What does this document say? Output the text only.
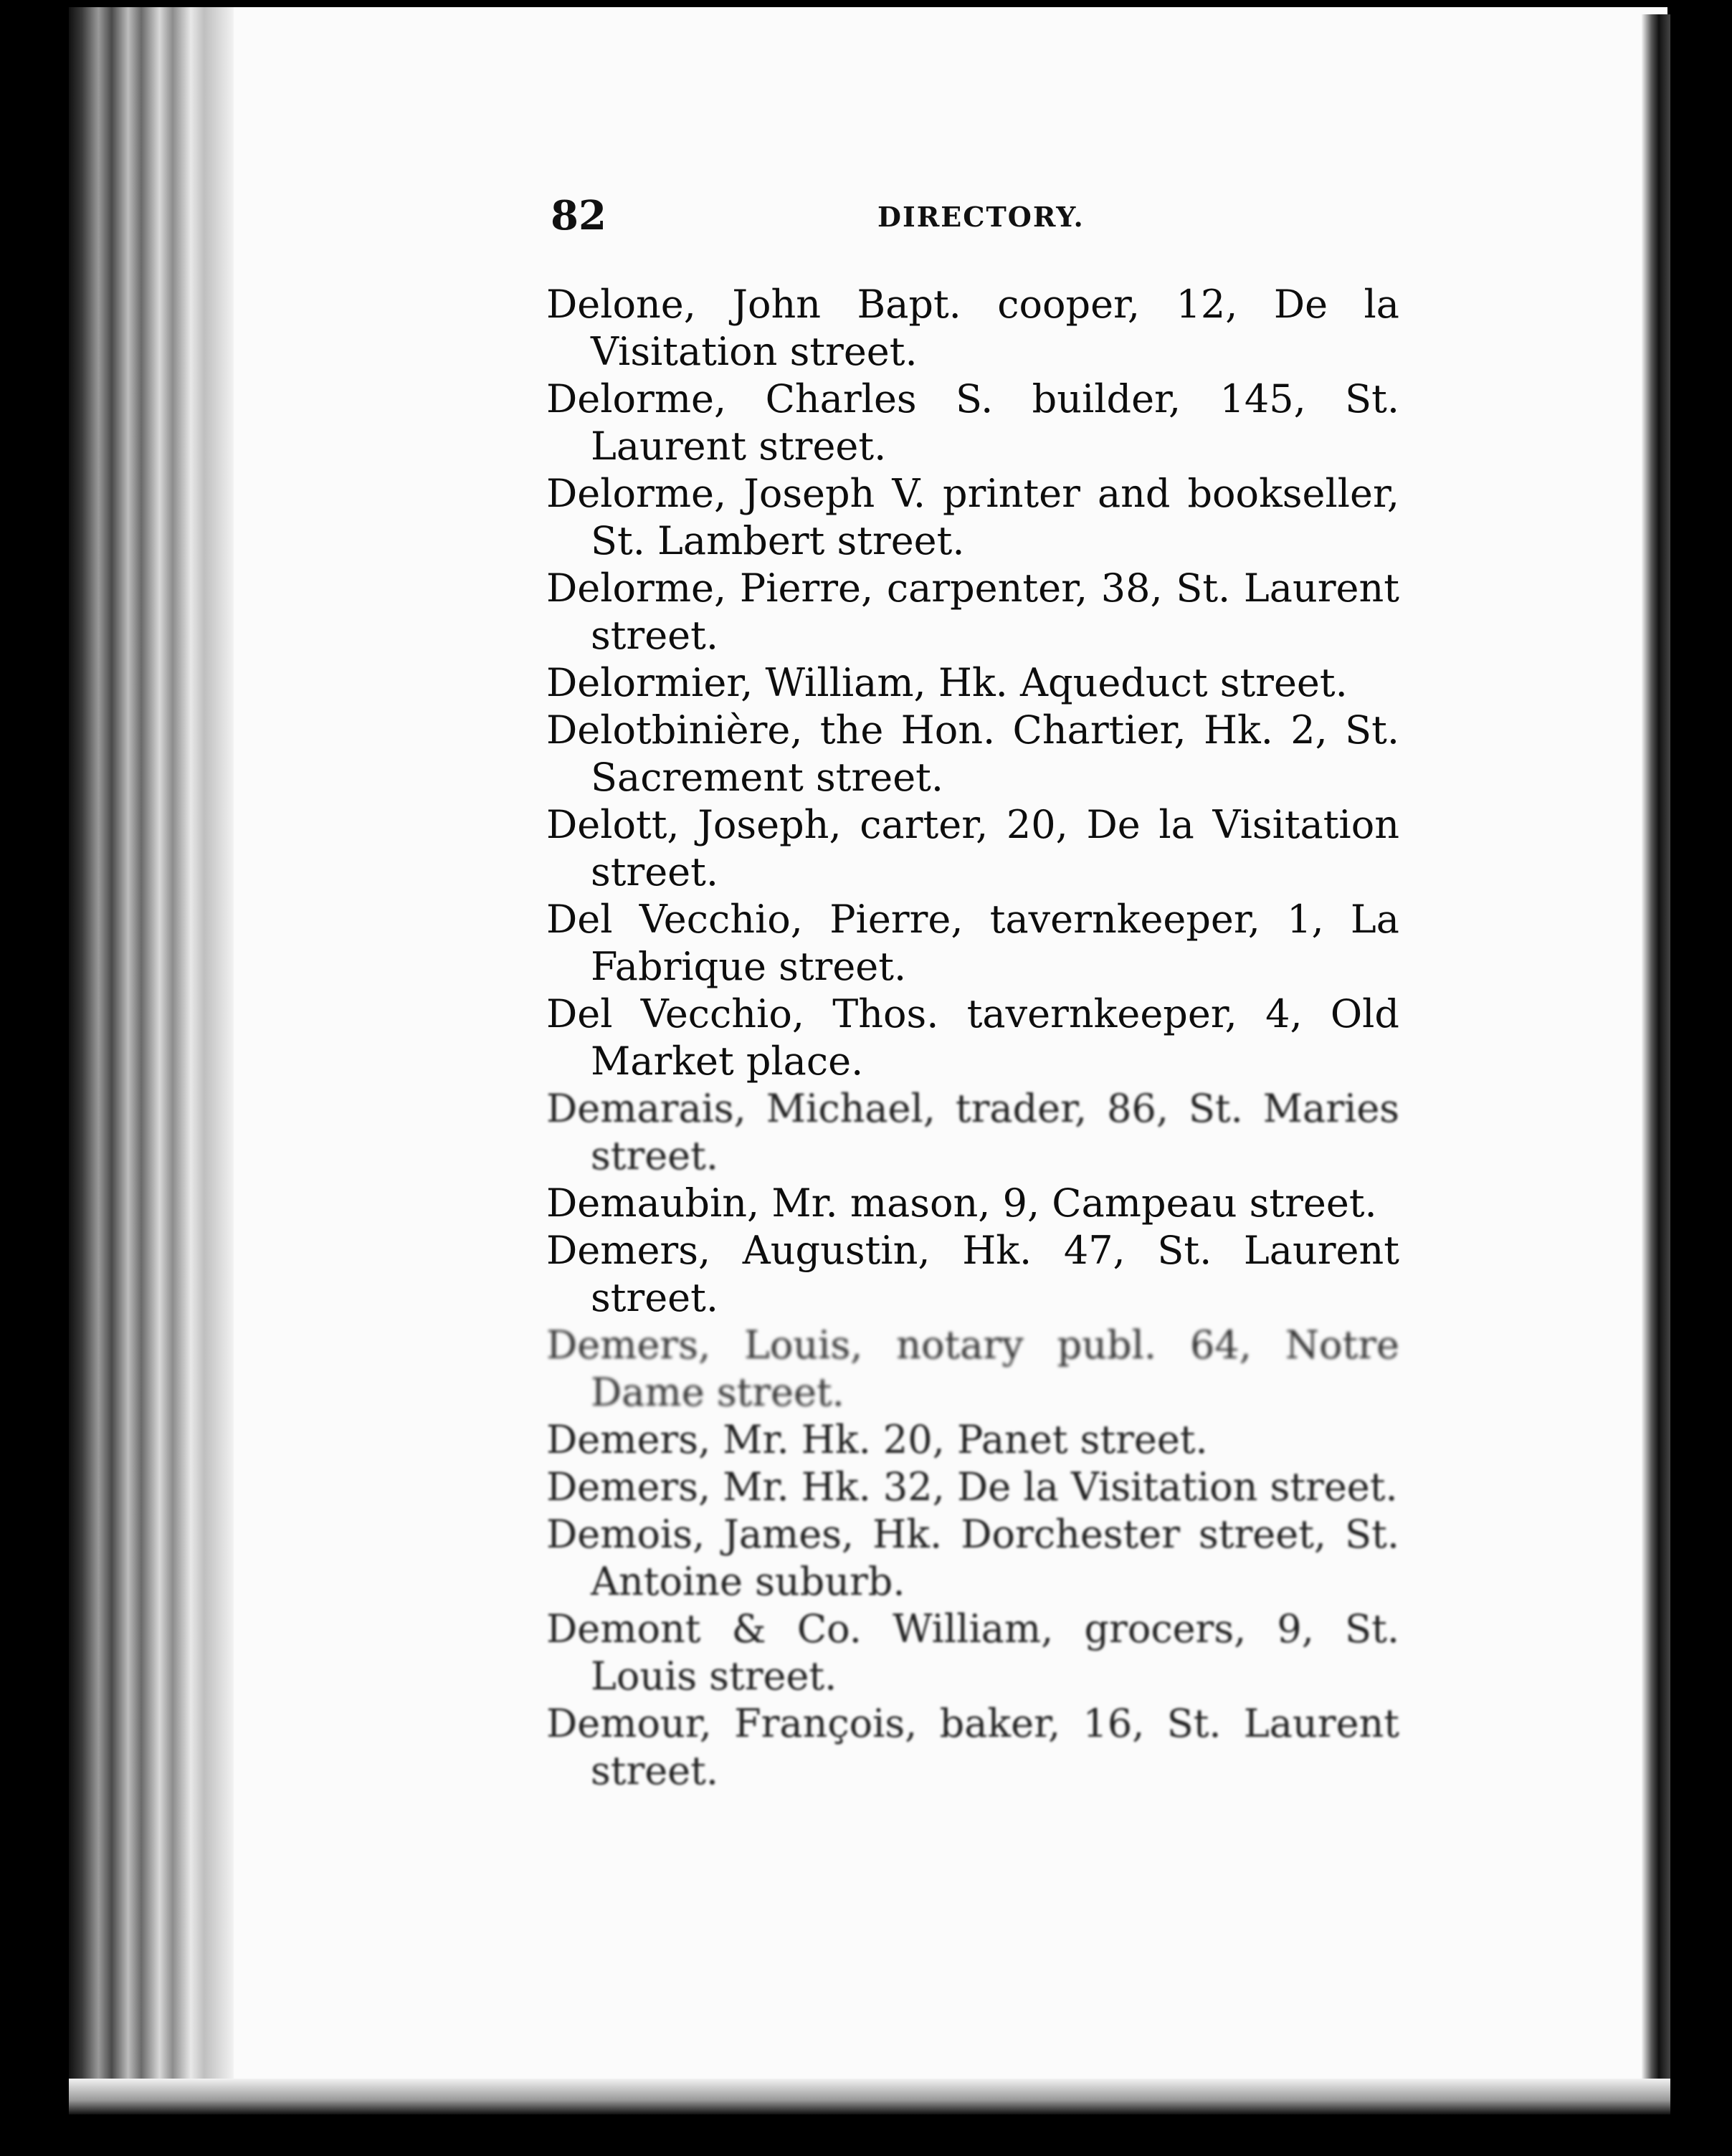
82	DIRECTORY.

Delone, John Bapt. cooper, 12, De la Visitation street.

Delorme, Charles S. builder, 145, St. Laurent street.

Delorme, Joseph V. printer and bookseller, St. Lambert street.

Delorme, Pierre, carpenter, 38, St. Laurent street.

Delormier, William, Hk. Aqueduct street.

Delotbinière, the Hon. Chartier, Hk. 2, St. Sacrement street.

Delott, Joseph, carter, 20, De la Visitation street.

Del Vecchio, Pierre, tavernkeeper, 1, La Fabrique street.

Del Vecchio, Thos. tavernkeeper, 4, Old Market place.

Demarais, Michael, trader, 86, St. Maries street.

Demaubin, Mr. mason, 9, Campeau street.

Demers, Augustin, Hk. 47, St. Laurent street.

Demers, Louis, notary publ. 64, Notre Dame street.

Demers, Mr. Hk. 20, Panet street.

Demers, Mr. Hk. 32, De la Visitation street.

Demois, James, Hk. Dorchester street, St. Antoine suburb.

Demont & Co. William, grocers, 9, St. Louis street.

Demour, François, baker, 16, St. Laurent street.
